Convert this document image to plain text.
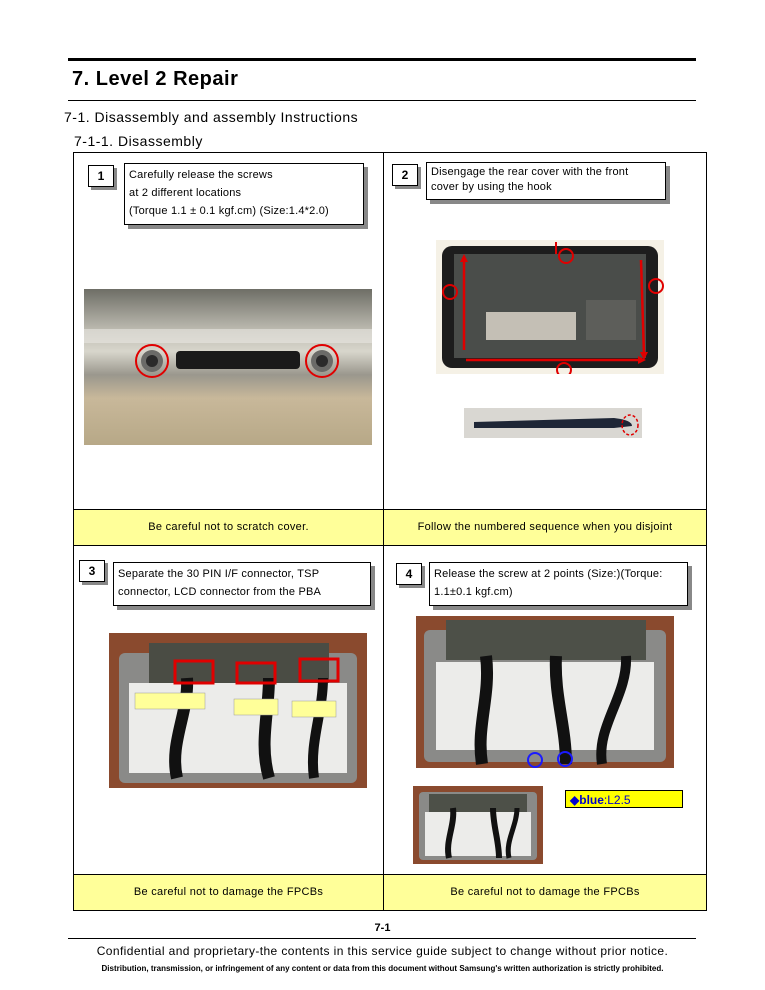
7. Level 2 Repair
7-1. Disassembly and assembly Instructions
7-1-1. Disassembly
Be careful not to scratch cover.	Follow the numbered sequence when you disjoint
Be careful not to damage the FPCBs	Be careful not to damage the FPCBs
1	Carefully release the screws
at 2 different locations
(Torque 1.1 ± 0.1 kgf.cm) (Size:1.4*2.0)
2	Disengage the rear cover with the front
cover by using the hook
3	Separate the 30 PIN I/F connector, TSP
connector, LCD connector from the PBA
4	Release the screw at 2 points (Size:)(Torque:
1.1±0.1 kgf.cm)
◆blue:L2.5
7-1
Confidential and proprietary-the contents in this service guide subject to change without prior notice.
Distribution, transmission, or infringement of any content or data from this document without Samsung's written authorization is strictly prohibited.
